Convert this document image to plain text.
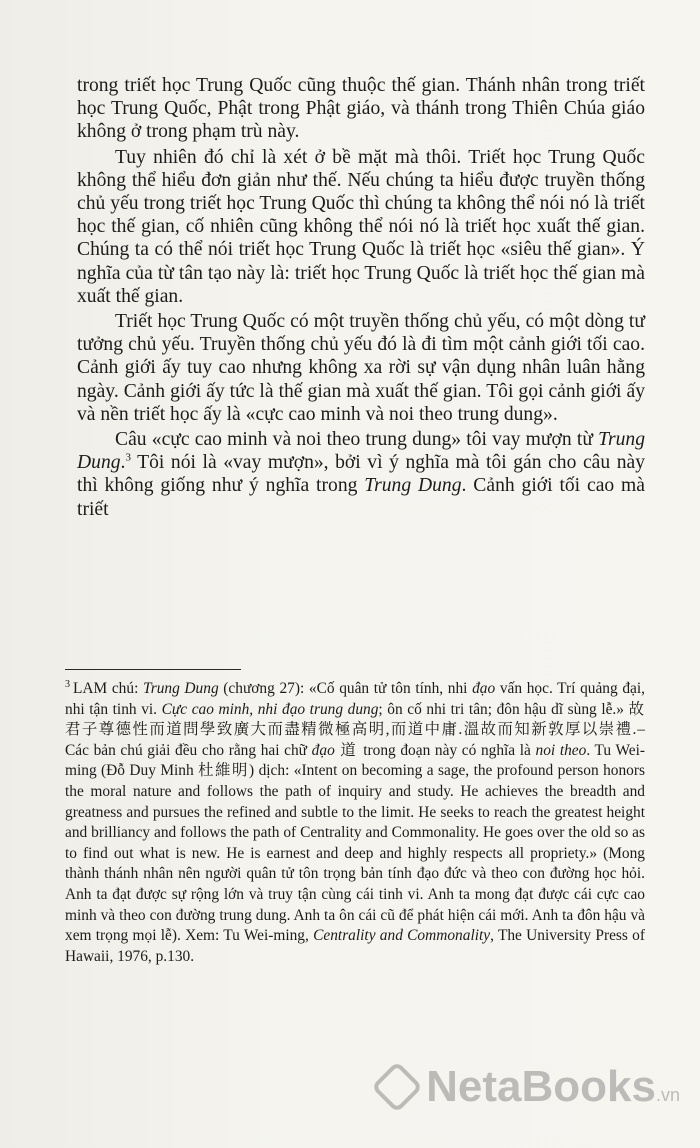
trong triết học Trung Quốc cũng thuộc thế gian. Thánh nhân trong triết học Trung Quốc, Phật trong Phật giáo, và thánh trong Thiên Chúa giáo không ở trong phạm trù này.

Tuy nhiên đó chỉ là xét ở bề mặt mà thôi. Triết học Trung Quốc không thể hiểu đơn giản như thế. Nếu chúng ta hiểu được truyền thống chủ yếu trong triết học Trung Quốc thì chúng ta không thể nói nó là triết học thế gian, cố nhiên cũng không thể nói nó là triết học xuất thế gian. Chúng ta có thể nói triết học Trung Quốc là triết học «siêu thế gian». Ý nghĩa của từ tân tạo này là: triết học Trung Quốc là triết học thế gian mà xuất thế gian.

Triết học Trung Quốc có một truyền thống chủ yếu, có một dòng tư tưởng chủ yếu. Truyền thống chủ yếu đó là đi tìm một cảnh giới tối cao. Cảnh giới ấy tuy cao nhưng không xa rời sự vận dụng nhân luân hằng ngày. Cảnh giới ấy tức là thế gian mà xuất thế gian. Tôi gọi cảnh giới ấy và nền triết học ấy là «cực cao minh và noi theo trung dung».

Câu «cực cao minh và noi theo trung dung» tôi vay mượn từ Trung Dung.$^3$ Tôi nói là «vay mượn», bởi vì ý nghĩa mà tôi gán cho câu này thì không giống như ý nghĩa trong Trung Dung. Cảnh giới tối cao mà triết

$^3$ LAM chú: Trung Dung (chương 27): «Cố quân tử tôn tính, nhi đạo vấn học. Trí quảng đại, nhi tận tinh vi. Cực cao minh, nhi đạo trung dung; ôn cố nhi tri tân; đôn hậu dĩ sùng lễ.» 故君子尊德性而道問學致廣大而盡精微極高明,而道中庸.溫故而知新敦厚以崇禮.– Các bản chú giải đều cho rằng hai chữ đạo 道 trong đoạn này có nghĩa là noi theo. Tu Wei-ming (Đỗ Duy Minh 杜維明) dịch: «Intent on becoming a sage, the profound person honors the moral nature and follows the path of inquiry and study. He achieves the breadth and greatness and pursues the refined and subtle to the limit. He seeks to reach the greatest height and brilliancy and follows the path of Centrality and Commonality. He goes over the old so as to find out what is new. He is earnest and deep and highly respects all propriety.» (Mong thành thánh nhân nên người quân tử tôn trọng bản tính đạo đức và theo con đường học hỏi. Anh ta đạt được sự rộng lớn và truy tận cùng cái tinh vi. Anh ta mong đạt được cái cực cao minh và theo con đường trung dung. Anh ta ôn cái cũ để phát hiện cái mới. Anh ta đôn hậu và xem trọng mọi lễ). Xem: Tu Wei-ming, Centrality and Commonality, The University Press of Hawaii, 1976, p.130.

NetaBooks .vn
